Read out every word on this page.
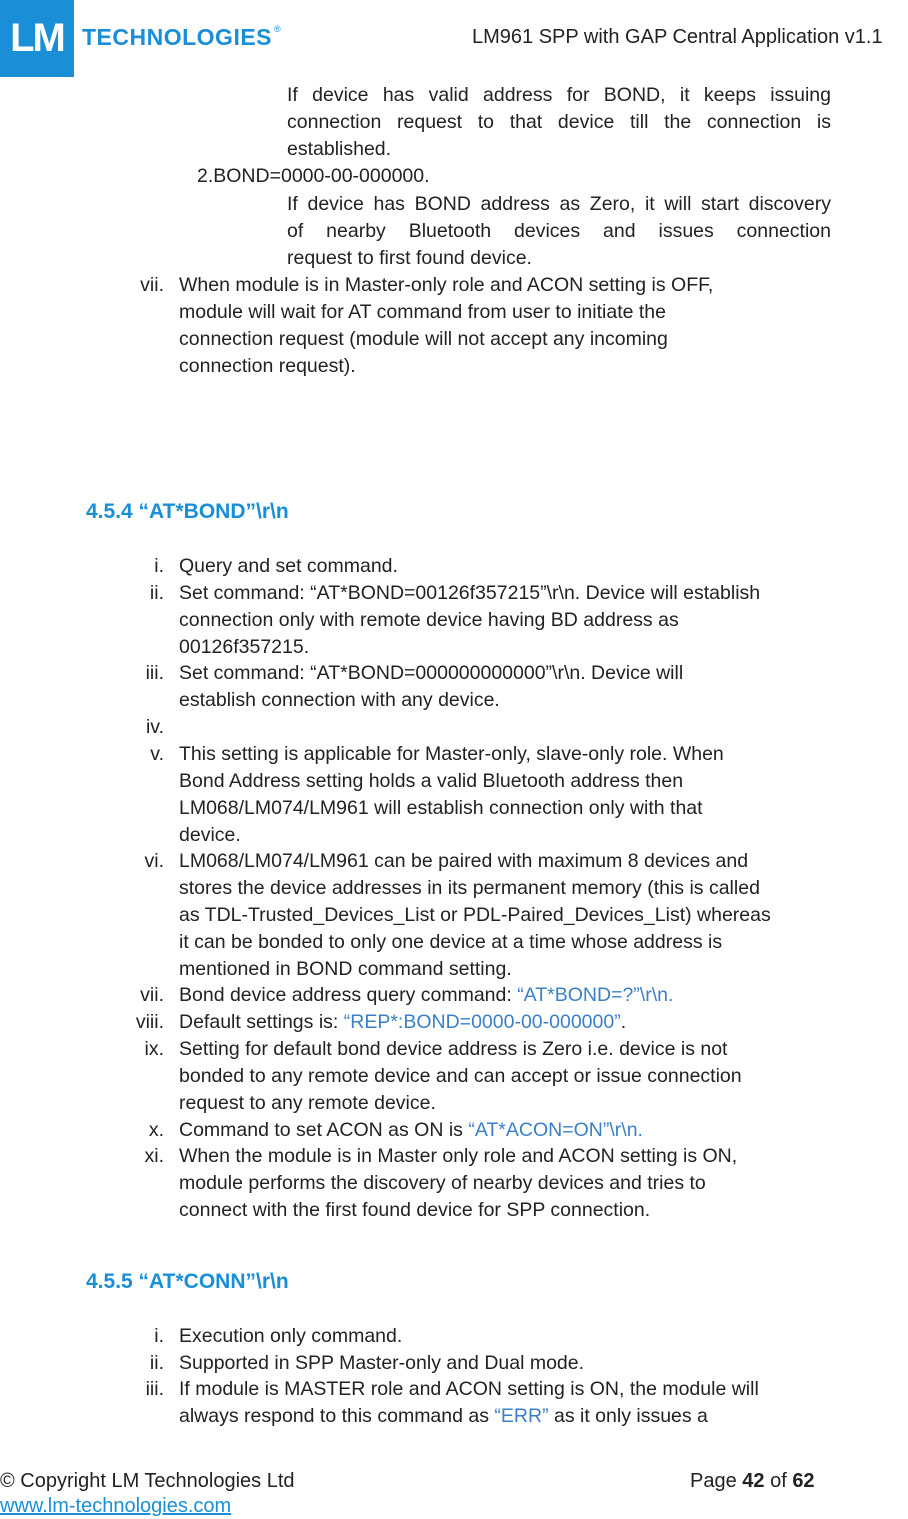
LM TECHNOLOGIES ®	LM961 SPP with GAP Central Application v1.1
If device has valid address for BOND, it keeps issuing
connection request to that device till the connection is
established.
2.BOND=0000-00-000000.
If device has BOND address as Zero, it will start discovery
of nearby Bluetooth devices and issues connection
request to first found device.
vii. When module is in Master-only role and ACON setting is OFF,
module will wait for AT command from user to initiate the
connection request (module will not accept any incoming
connection request).
4.5.4 “AT*BOND”\r\n
i. Query and set command.
ii. Set command: “AT*BOND=00126f357215”\r\n. Device will establish
connection only with remote device having BD address as
00126f357215.
iii. Set command: “AT*BOND=000000000000”\r\n. Device will
establish connection with any device.
iv.
v. This setting is applicable for Master-only, slave-only role. When
Bond Address setting holds a valid Bluetooth address then
LM068/LM074/LM961 will establish connection only with that
device.
vi. LM068/LM074/LM961 can be paired with maximum 8 devices and
stores the device addresses in its permanent memory (this is called
as TDL-Trusted_Devices_List or PDL-Paired_Devices_List) whereas
it can be bonded to only one device at a time whose address is
mentioned in BOND command setting.
vii. Bond device address query command: “AT*BOND=?”\r\n.
viii. Default settings is: “REP*:BOND=0000-00-000000”.
ix. Setting for default bond device address is Zero i.e. device is not
bonded to any remote device and can accept or issue connection
request to any remote device.
x. Command to set ACON as ON is “AT*ACON=ON”\r\n.
xi. When the module is in Master only role and ACON setting is ON,
module performs the discovery of nearby devices and tries to
connect with the first found device for SPP connection.
4.5.5 “AT*CONN”\r\n
i. Execution only command.
ii. Supported in SPP Master-only and Dual mode.
iii. If module is MASTER role and ACON setting is ON, the module will
always respond to this command as “ERR” as it only issues a
© Copyright LM Technologies Ltd
www.lm-technologies.com
Page 42 of 62
